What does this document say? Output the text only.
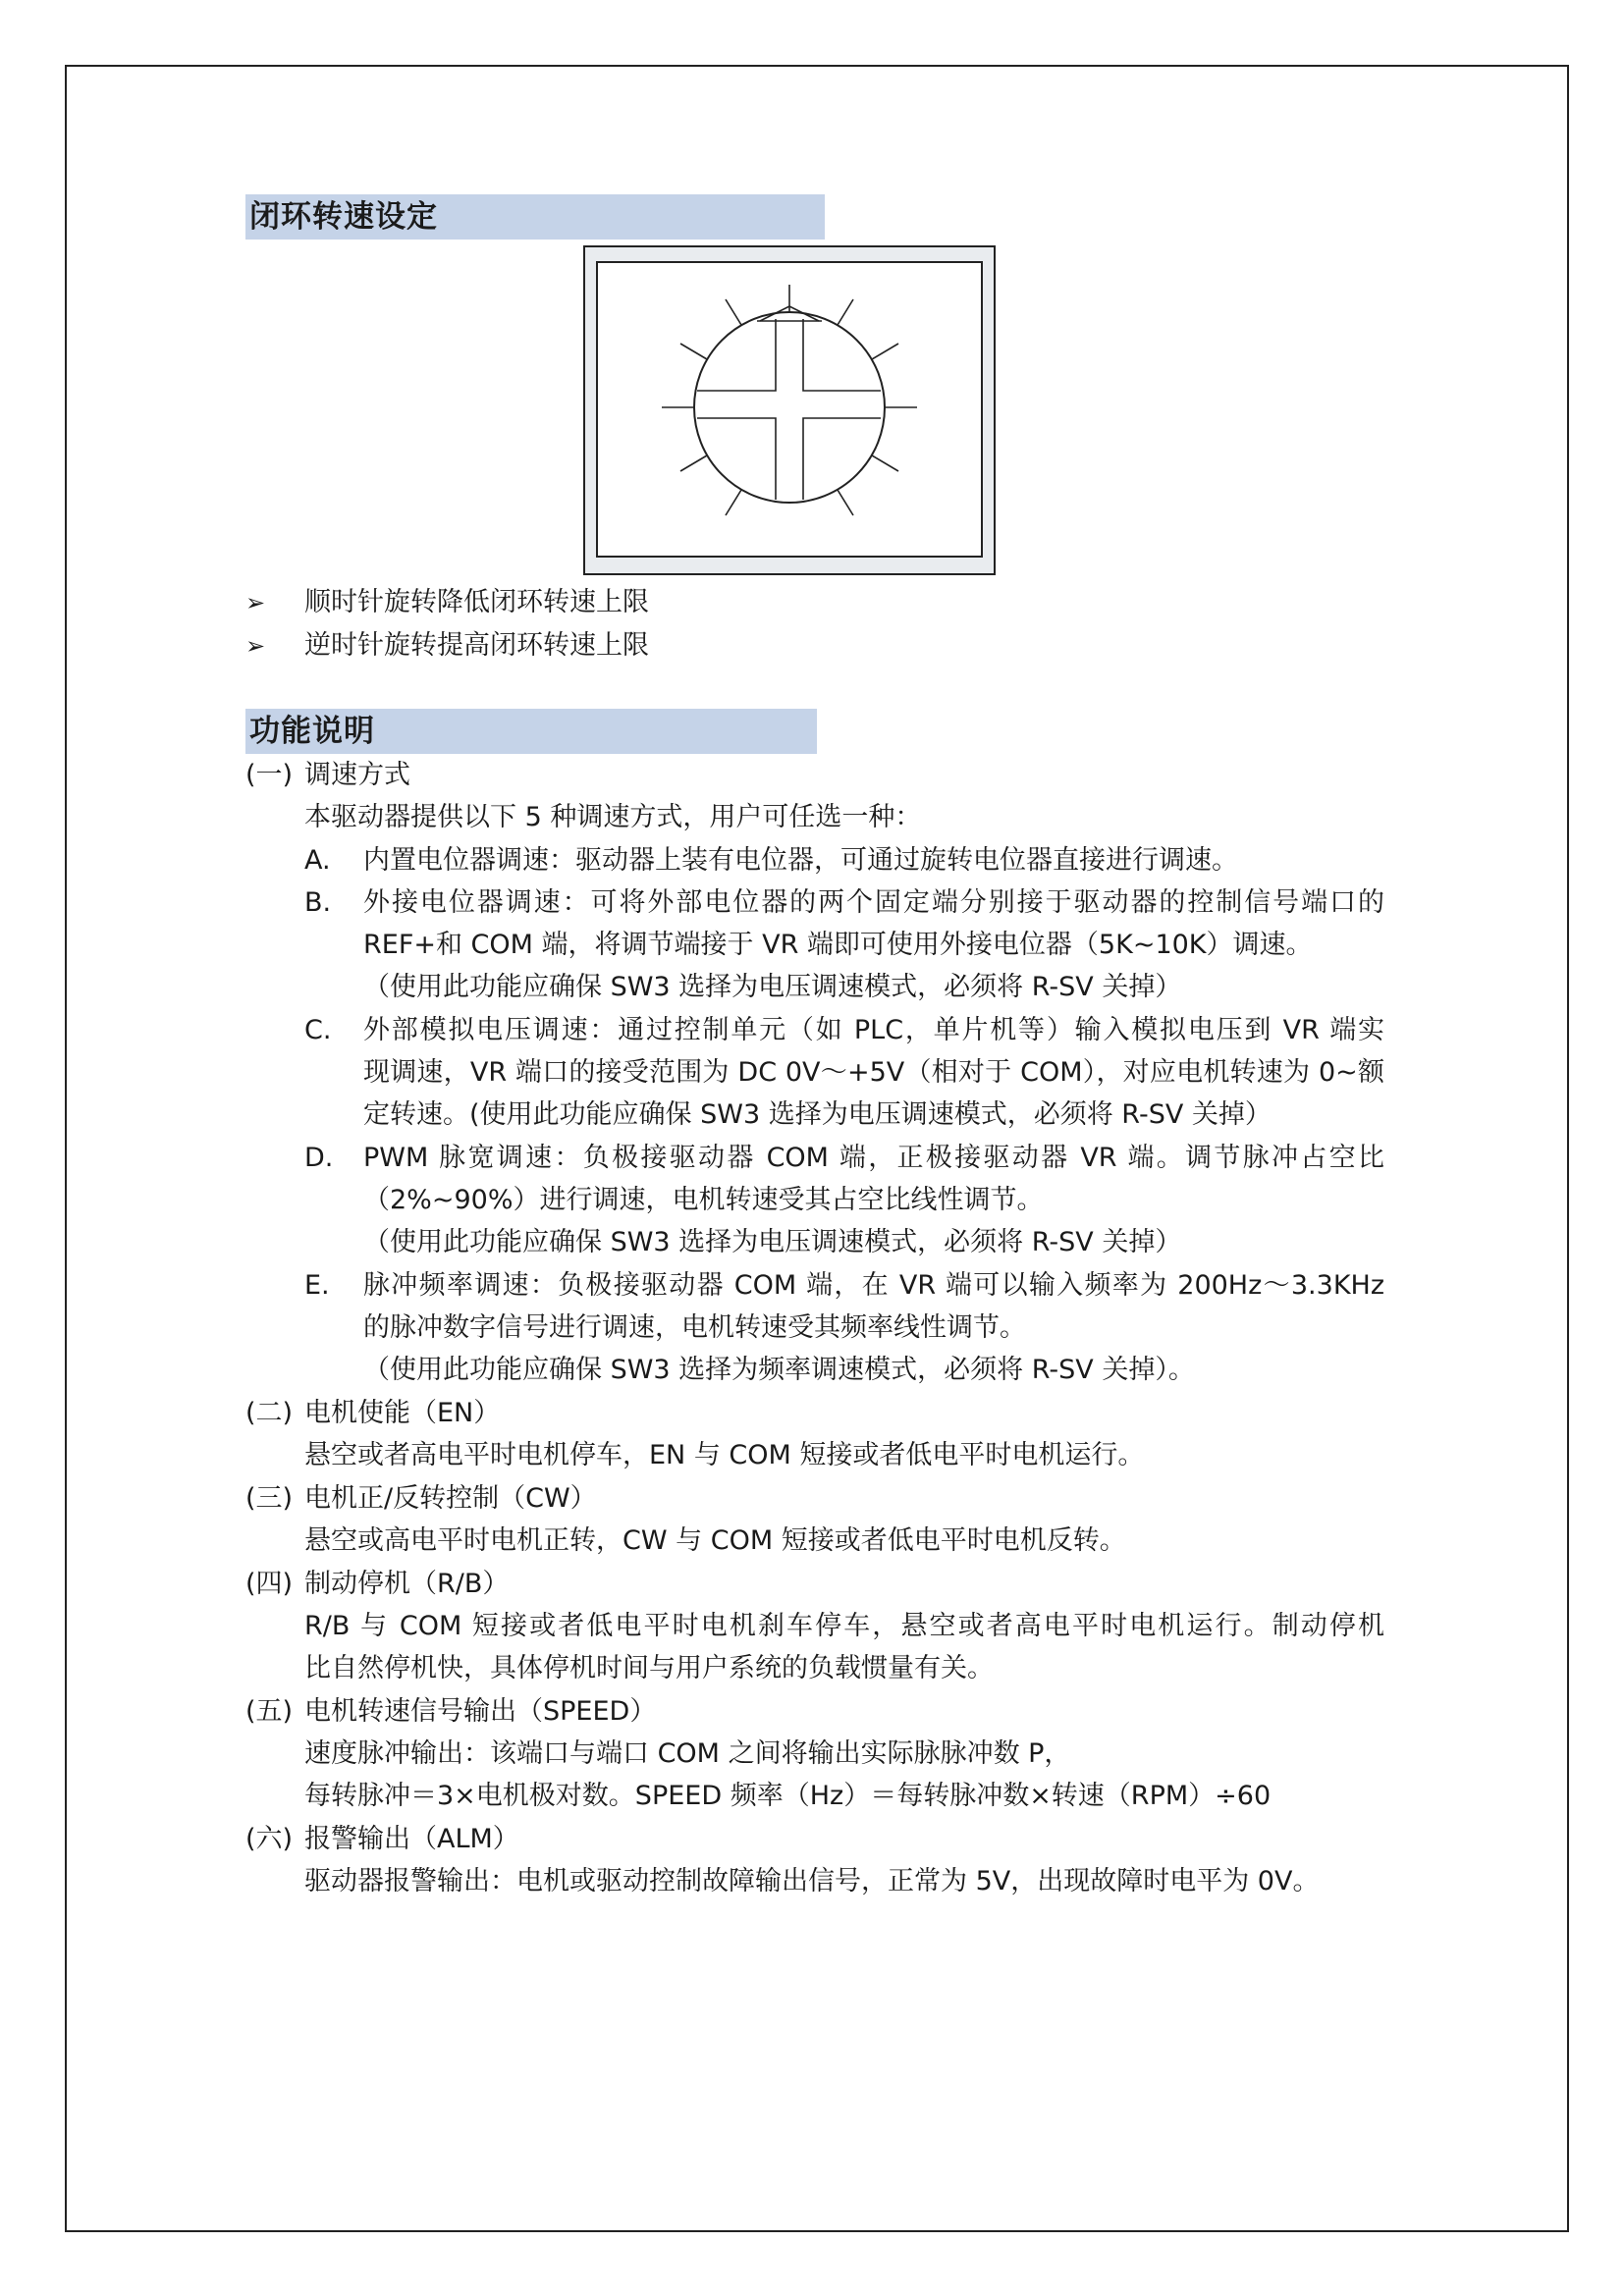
闭环转速设定
➢ 顺时针旋转降低闭环转速上限
➢ 逆时针旋转提高闭环转速上限
功能说明
(一) 调速方式
本驱动器提供以下 5 种调速方式，用户可任选一种：
A.	内置电位器调速：驱动器上装有电位器，可通过旋转电位器直接进行调速。
B.	外接电位器调速：可将外部电位器的两个固定端分别接于驱动器的控制信号端口的
REF+和 COM 端，将调节端接于 VR 端即可使用外接电位器（5K~10K）调速。
（使用此功能应确保 SW3 选择为电压调速模式，必须将 R-SV 关掉）
C.	外部模拟电压调速：通过控制单元（如 PLC，单片机等）输入模拟电压到 VR 端实
现调速，VR 端口的接受范围为 DC 0V～+5V（相对于 COM），对应电机转速为 0~额
定转速。(使用此功能应确保 SW3 选择为电压调速模式，必须将 R-SV 关掉）
D.	PWM 脉宽调速：负极接驱动器 COM 端，正极接驱动器 VR 端。调节脉冲占空比
（2%~90%）进行调速，电机转速受其占空比线性调节。
（使用此功能应确保 SW3 选择为电压调速模式，必须将 R-SV 关掉）
E.	脉冲频率调速：负极接驱动器 COM 端，在 VR 端可以输入频率为 200Hz～3.3KHz
的脉冲数字信号进行调速，电机转速受其频率线性调节。
（使用此功能应确保 SW3 选择为频率调速模式，必须将 R-SV 关掉）。
(二) 电机使能（EN）
悬空或者高电平时电机停车，EN 与 COM 短接或者低电平时电机运行。
(三) 电机正/反转控制（CW）
悬空或高电平时电机正转，CW 与 COM 短接或者低电平时电机反转。
(四) 制动停机（R/B）
R/B 与 COM 短接或者低电平时电机刹车停车，悬空或者高电平时电机运行。制动停机
比自然停机快，具体停机时间与用户系统的负载惯量有关。
(五) 电机转速信号输出（SPEED）
速度脉冲输出：该端口与端口 COM 之间将输出实际脉脉冲数 P，
每转脉冲＝3×电机极对数。SPEED 频率（Hz）＝每转脉冲数×转速（RPM）÷60
(六) 报警输出（ALM）
驱动器报警输出：电机或驱动控制故障输出信号，正常为 5V，出现故障时电平为 0V。
